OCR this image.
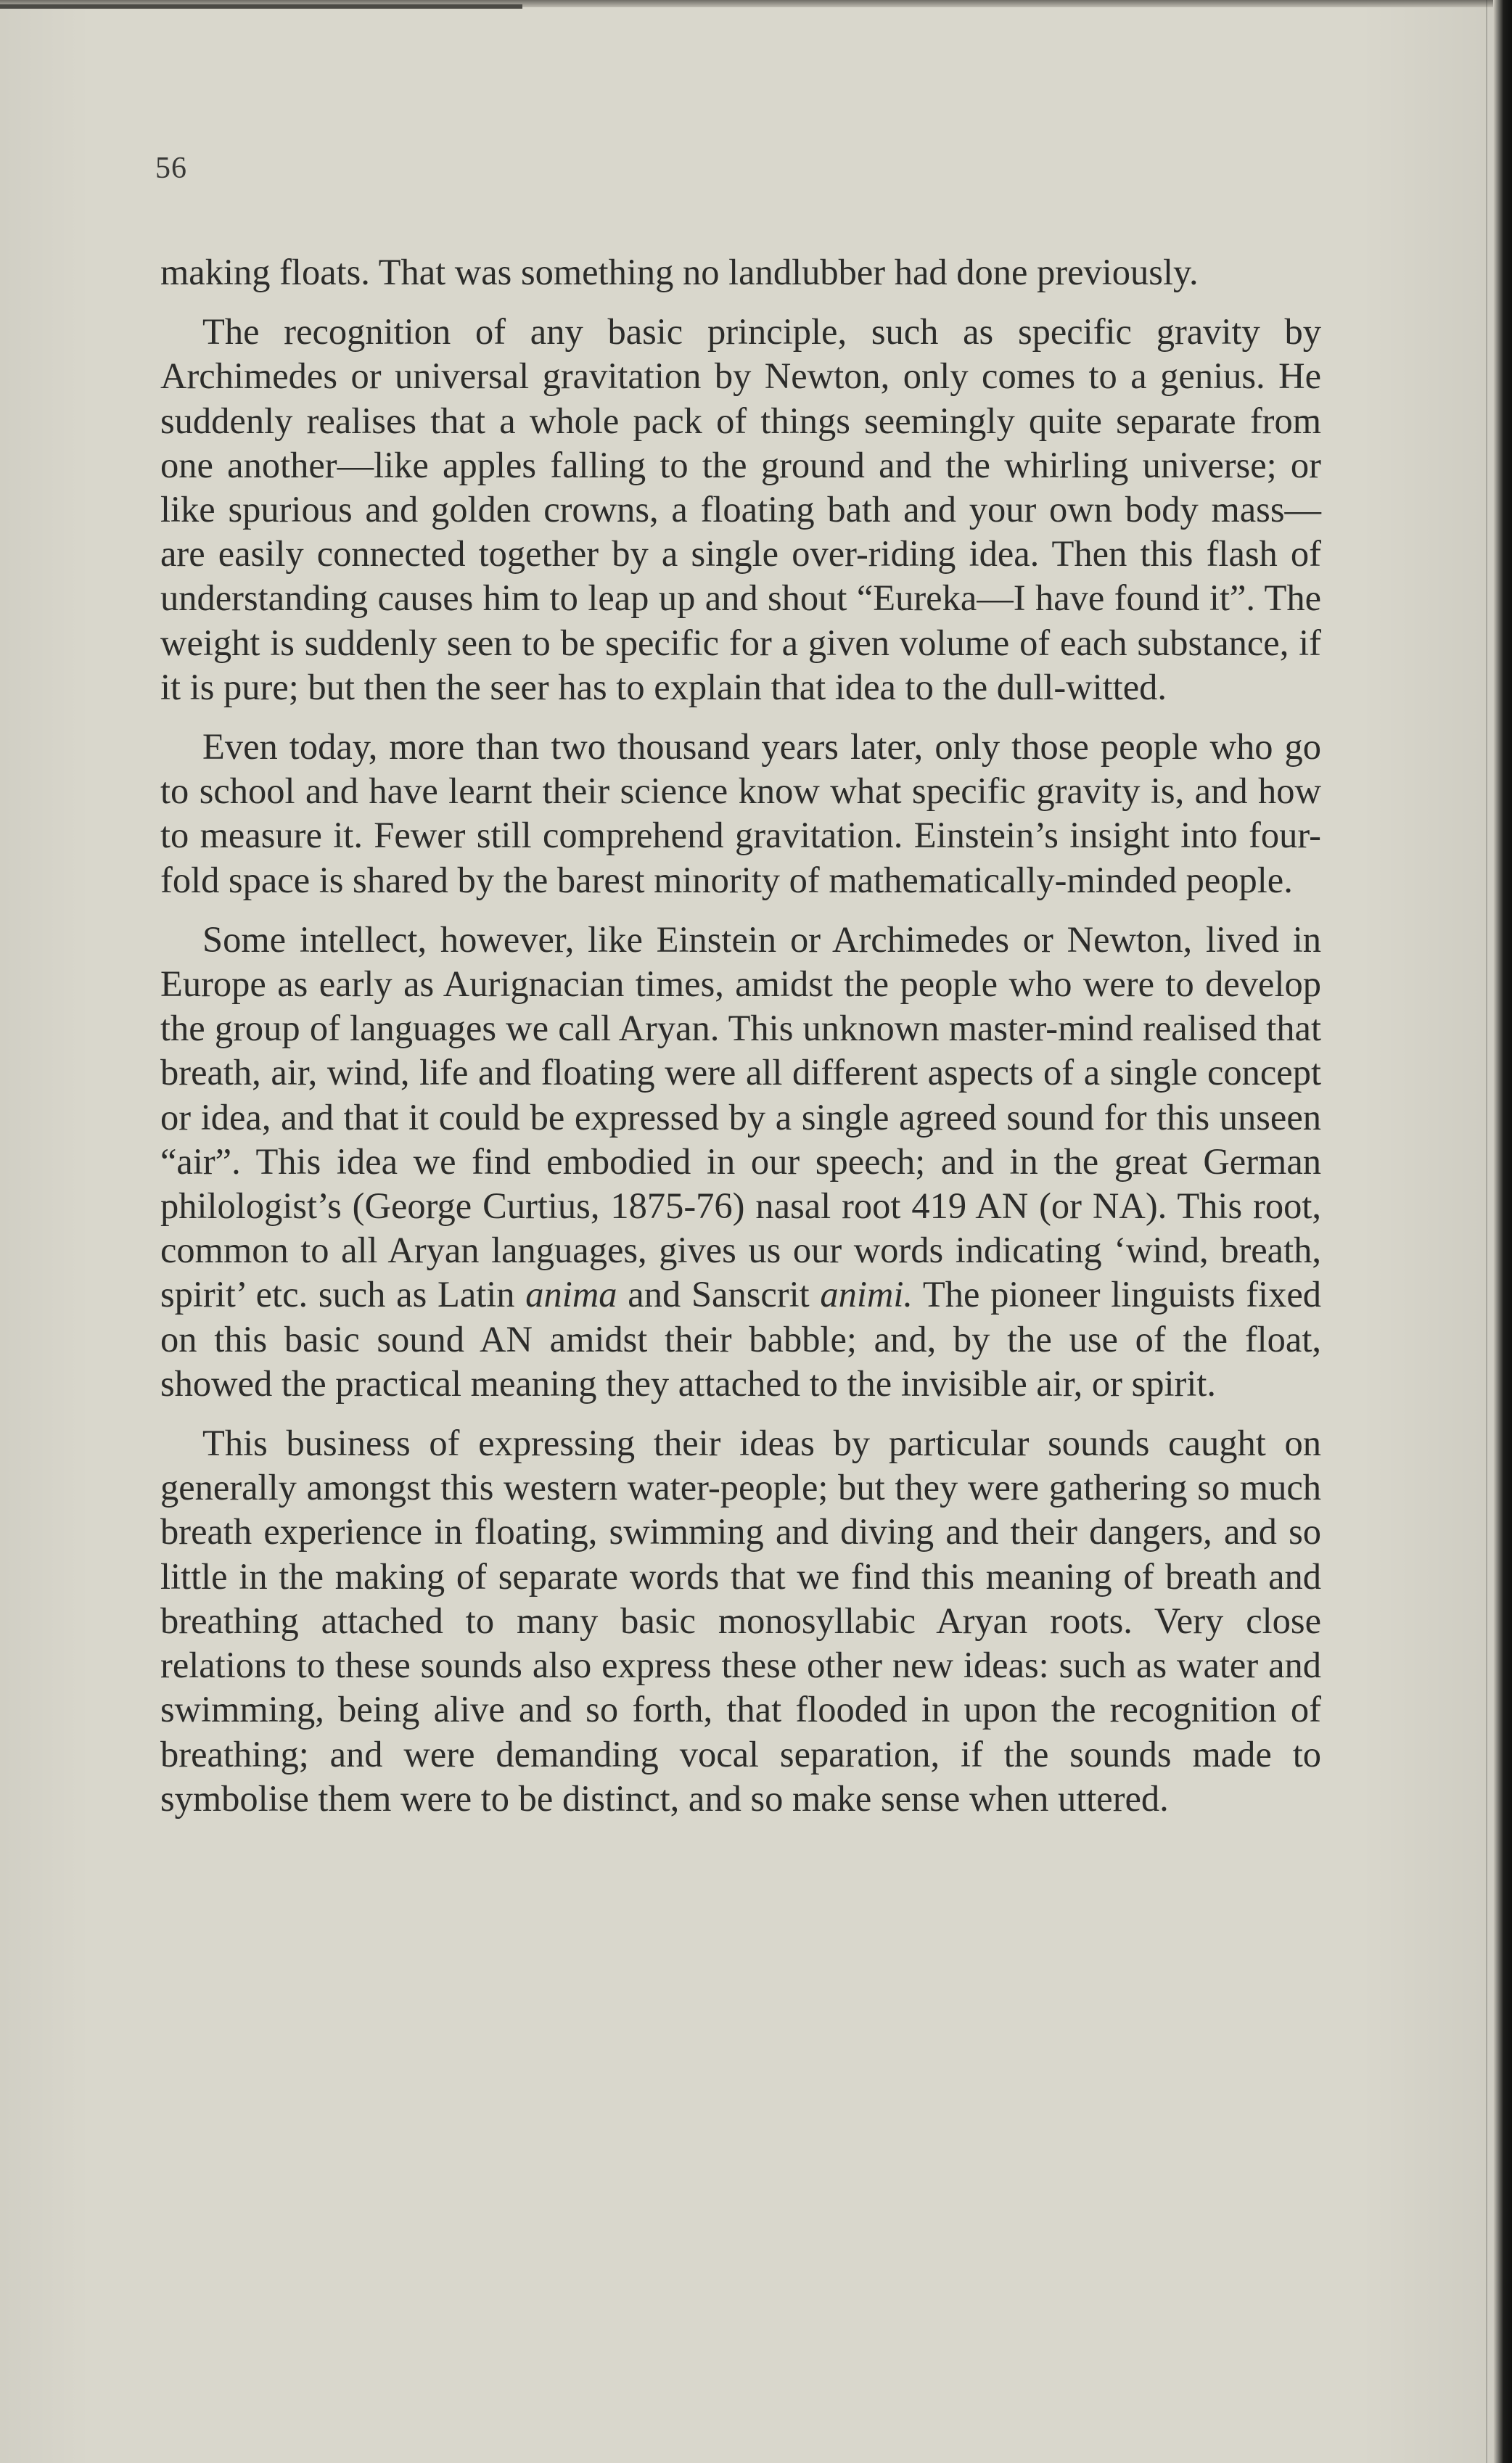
56

making floats. That was something no landlubber had done previously.

The recognition of any basic principle, such as specific gravity by Archimedes or universal gravitation by Newton, only comes to a genius. He suddenly realises that a whole pack of things seemingly quite separate from one another—like apples falling to the ground and the whirling universe; or like spurious and golden crowns, a floating bath and your own body mass—are easily connected together by a single over-riding idea. Then this flash of understanding causes him to leap up and shout “Eureka—I have found it”. The weight is suddenly seen to be specific for a given volume of each substance, if it is pure; but then the seer has to explain that idea to the dull-witted.

Even today, more than two thousand years later, only those people who go to school and have learnt their science know what specific gravity is, and how to measure it. Fewer still comprehend gravitation. Einstein’s insight into four-fold space is shared by the barest minority of mathematically-minded people.

Some intellect, however, like Einstein or Archimedes or Newton, lived in Europe as early as Aurignacian times, amidst the people who were to develop the group of languages we call Aryan. This unknown master-mind realised that breath, air, wind, life and floating were all different aspects of a single concept or idea, and that it could be expressed by a single agreed sound for this unseen “air”. This idea we find embodied in our speech; and in the great German philologist’s (George Curtius, 1875-76) nasal root 419 AN (or NA). This root, common to all Aryan languages, gives us our words indicating ‘wind, breath, spirit’ etc. such as Latin anima and Sanscrit animi. The pioneer linguists fixed on this basic sound AN amidst their babble; and, by the use of the float, showed the practical meaning they attached to the invisible air, or spirit.

This business of expressing their ideas by particular sounds caught on generally amongst this western water-people; but they were gathering so much breath experience in floating, swimming and diving and their dangers, and so little in the making of separate words that we find this meaning of breath and breathing attached to many basic monosyllabic Aryan roots. Very close relations to these sounds also express these other new ideas: such as water and swimming, being alive and so forth, that flooded in upon the recognition of breathing; and were demanding vocal separation, if the sounds made to symbolise them were to be distinct, and so make sense when uttered.
